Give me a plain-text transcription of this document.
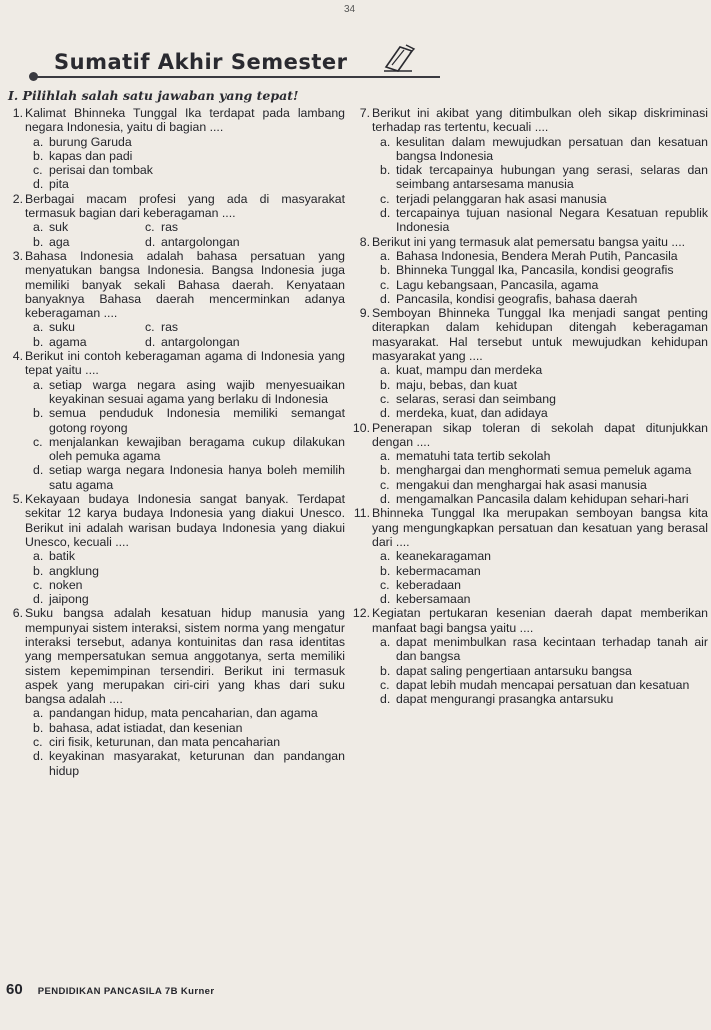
34
Sumatif Akhir Semester
I. Pilihlah salah satu jawaban yang tepat!
1. Kalimat Bhinneka Tunggal Ika terdapat pada lambang negara Indonesia, yaitu di bagian ....
a. burung Garuda
b. kapas dan padi
c. perisai dan tombak
d. pita
2. Berbagai macam profesi yang ada di masyarakat termasuk bagian dari keberagaman ....
a. suk	c. ras
b. aga	d. antargolongan
3. Bahasa Indonesia adalah bahasa persatuan yang menyatukan bangsa Indonesia. Bangsa Indonesia juga memiliki banyak sekali Bahasa daerah. Kenyataan banyaknya Bahasa daerah mencerminkan adanya keberagaman ....
a. suku	c. ras
b. agama	d. antargolongan
4. Berikut ini contoh keberagaman agama di Indonesia yang tepat yaitu ....
a. setiap warga negara asing wajib menyesuaikan keyakinan sesuai agama yang berlaku di Indonesia
b. semua penduduk Indonesia memiliki semangat gotong royong
c. menjalankan kewajiban beragama cukup dilakukan oleh pemuka agama
d. setiap warga negara Indonesia hanya boleh memilih satu agama
5. Kekayaan budaya Indonesia sangat banyak. Terdapat sekitar 12 karya budaya Indonesia yang diakui Unesco. Berikut ini adalah warisan budaya Indonesia yang diakui Unesco, kecuali ....
a. batik
b. angklung
c. noken
d. jaipong
6. Suku bangsa adalah kesatuan hidup manusia yang mempunyai sistem interaksi, sistem norma yang mengatur interaksi tersebut, adanya kontuinitas dan rasa identitas yang mempersatukan semua anggotanya, serta memiliki sistem kepemimpinan tersendiri. Berikut ini termasuk aspek yang merupakan ciri-ciri yang khas dari suku bangsa adalah ....
a. pandangan hidup, mata pencaharian, dan agama
b. bahasa, adat istiadat, dan kesenian
c. ciri fisik, keturunan, dan mata pencaharian
d. keyakinan masyarakat, keturunan dan pandangan hidup
7. Berikut ini akibat yang ditimbulkan oleh sikap diskriminasi terhadap ras tertentu, kecuali ....
a. kesulitan dalam mewujudkan persatuan dan kesatuan bangsa Indonesia
b. tidak tercapainya hubungan yang serasi, selaras dan seimbang antarsesama manusia
c. terjadi pelanggaran hak asasi manusia
d. tercapainya tujuan nasional Negara Kesatuan republik Indonesia
8. Berikut ini yang termasuk alat pemersatu bangsa yaitu ....
a. Bahasa Indonesia, Bendera Merah Putih, Pancasila
b. Bhinneka Tunggal Ika, Pancasila, kondisi geografis
c. Lagu kebangsaan, Pancasila, agama
d. Pancasila, kondisi geografis, bahasa daerah
9. Semboyan Bhinneka Tunggal Ika menjadi sangat penting diterapkan dalam kehidupan ditengah keberagaman masyarakat. Hal tersebut untuk mewujudkan kehidupan masyarakat yang ....
a. kuat, mampu dan merdeka
b. maju, bebas, dan kuat
c. selaras, serasi dan seimbang
d. merdeka, kuat, dan adidaya
10. Penerapan sikap toleran di sekolah dapat ditunjukkan dengan ....
a. mematuhi tata tertib sekolah
b. menghargai dan menghormati semua pemeluk agama
c. mengakui dan menghargai hak asasi manusia
d. mengamalkan Pancasila dalam kehidupan sehari-hari
11. Bhinneka Tunggal Ika merupakan semboyan bangsa kita yang mengungkapkan persatuan dan kesatuan yang berasal dari ....
a. keanekaragaman
b. kebermacaman
c. keberadaan
d. kebersamaan
12. Kegiatan pertukaran kesenian daerah dapat memberikan manfaat bagi bangsa yaitu ....
a. dapat menimbulkan rasa kecintaan terhadap tanah air dan bangsa
b. dapat saling pengertiaan antarsuku bangsa
c. dapat lebih mudah mencapai persatuan dan kesatuan
d. dapat mengurangi prasangka antarsuku
60 PENDIDIKAN PANCASILA 7B Kurner
